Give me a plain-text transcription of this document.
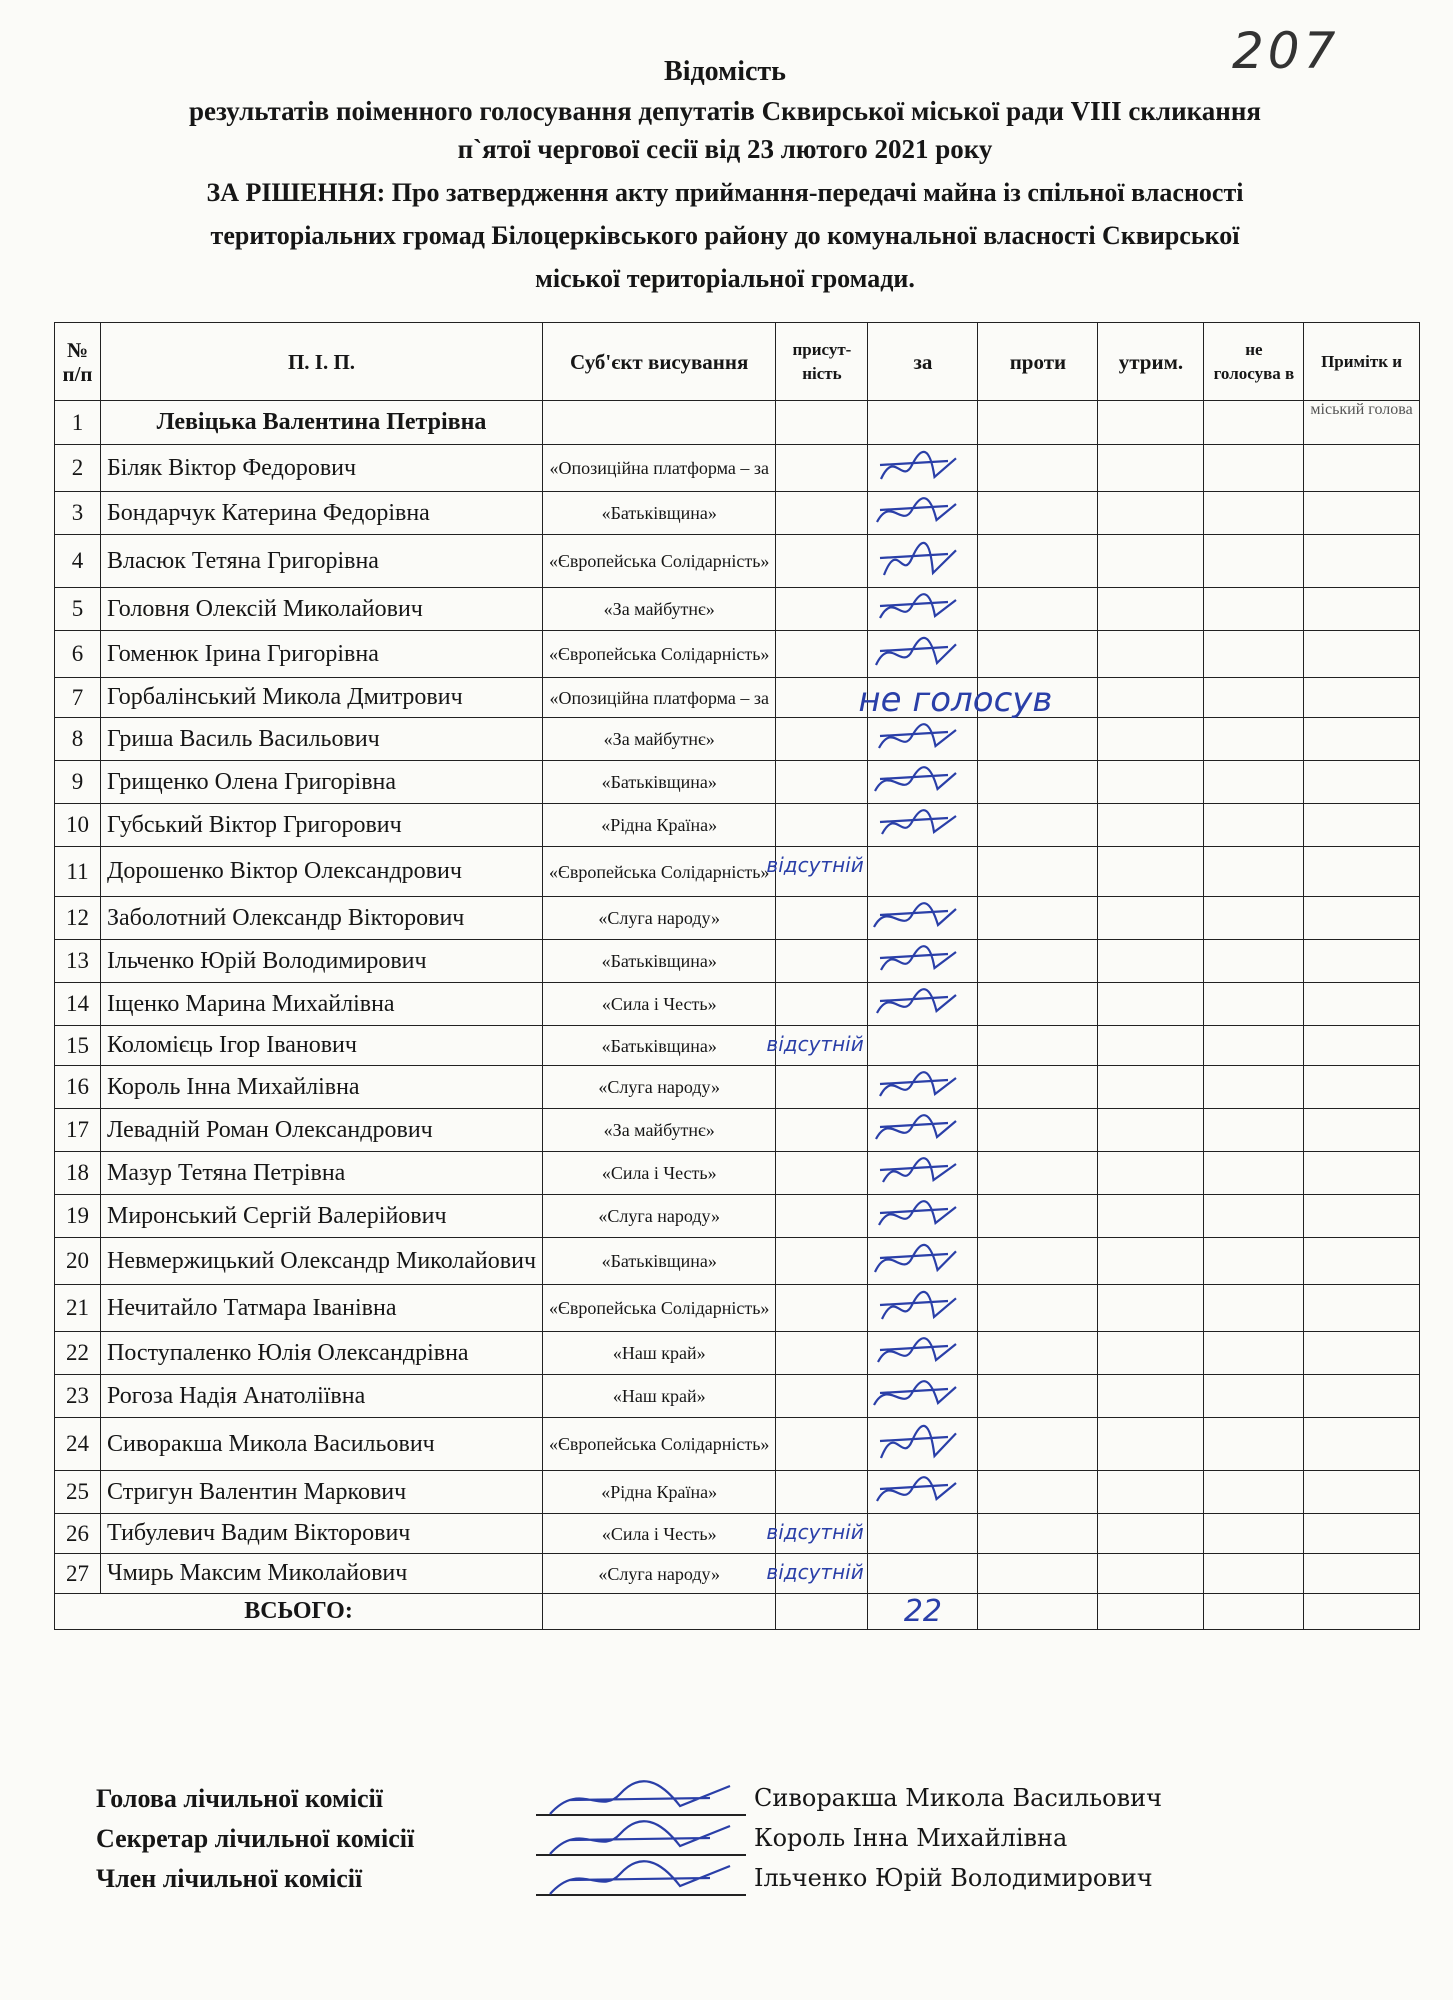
207
Відомість
результатів поіменного голосування депутатів Сквирської міської ради VIII скликання
п`ятої чергової сесії від 23 лютого 2021 року
ЗА РІШЕННЯ: Про затвердження акту приймання-передачі майна із спільної власності
територіальних громад Білоцерківського району до комунальної власності Сквирської
міської територіальної громади.
№ п/п	П. І. П.	Суб'єкт висування	присут-ність	за	проти	утрим.	не голосува в	Примітк и
1	Левіцька Валентина Петрівна							міський голова
2	Біляк Віктор Федорович	«Опозиційна платформа – за						
3	Бондарчук Катерина Федорівна	«Батьківщина»						
4	Власюк Тетяна Григорівна	«Європейська Солідарність»						
5	Головня Олексій Миколайович	«За майбутнє»						
6	Гоменюк Ірина Григорівна	«Європейська Солідарність»						
7	Горбалінський Микола Дмитрович	«Опозиційна платформа – за		не голосув				

8	Гриша Василь Васильович	«За майбутнє»						
9	Грищенко Олена Григорівна	«Батьківщина»						
10	Губський Віктор Григорович	«Рідна Країна»						
11	Дорошенко Віктор Олександрович	«Європейська Солідарність»	відсутній					

12	Заболотний Олександр Вікторович	«Слуга народу»						
13	Ільченко Юрій Володимирович	«Батьківщина»						
14	Іщенко Марина Михайлівна	«Сила і Честь»						
15	Коломієць Ігор Іванович	«Батьківщина»	відсутній					

16	Король Інна Михайлівна	«Слуга народу»						
17	Левадній Роман Олександрович	«За майбутнє»						
18	Мазур Тетяна Петрівна	«Сила і Честь»						
19	Миронський Сергій Валерійович	«Слуга народу»						
20	Невмержицький Олександр Миколайович	«Батьківщина»						
21	Нечитайло Татмара Іванівна	«Європейська Солідарність»						
22	Поступаленко Юлія Олександрівна	«Наш край»						
23	Рогоза Надія Анатоліївна	«Наш край»						
24	Сиворакша Микола Васильович	«Європейська Солідарність»						
25	Стригун Валентин Маркович	«Рідна Країна»						
26	Тибулевич Вадим Вікторович	«Сила і Честь»	відсутній					

27	Чмирь Максим Миколайович	«Слуга народу»	відсутній					

ВСЬОГО:				22				
Голова лічильної комісії	Сиворакша Микола Васильович
Секретар лічильної комісії	Король Інна Михайлівна
Член лічильної комісії	Ільченко Юрій Володимирович
